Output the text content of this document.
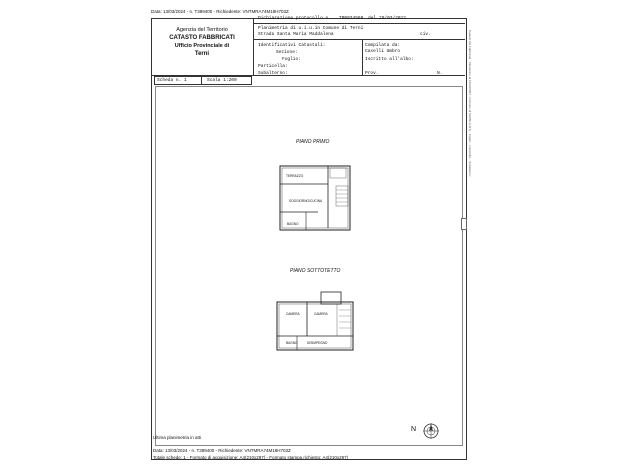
Data: 13/03/2024 - n. T389400 - Richiedente: VNTMRA74M18H703Z
Agenzia del Territorio
CATASTO FABBRICATI
Ufficio Provinciale di
Terni
Dichiarazione protocollo n. TR0034560 del 29/03/2012
Planimetria di u.i.u.in Comune di Terni
Strada Santa Maria Maddalena	civ.
Identificativi Catastali:
Sezione:
Foglio:
Particella:
Subalterno:
Compilata da:
Caselli Umbro
Iscritto all'albo:
Prov.	N.
Scheda n. 1	Scala 1:200
PIANO PRIMO
TERRAZZO
SOGGIORNO/CUCINA
BAGNO
PIANO SOTTOTETTO
CAMERA	CAMERA
BAGNO	DISIMPEGNO
N
Ultima planimetria in atti
Data: 13/03/2024 - n. T389400 - Richiedente: VNTMRA74M18H703Z
Totale schede: 1 - Formato di acquisizione: A4(210x297) - Formato stampa richiesto: A4(210x297)
Catasto dei Fabbricati - Situazione al 13/03/2024 - Comune di TERNI (L117) - Foglio: - Particella: - Subalterno:
